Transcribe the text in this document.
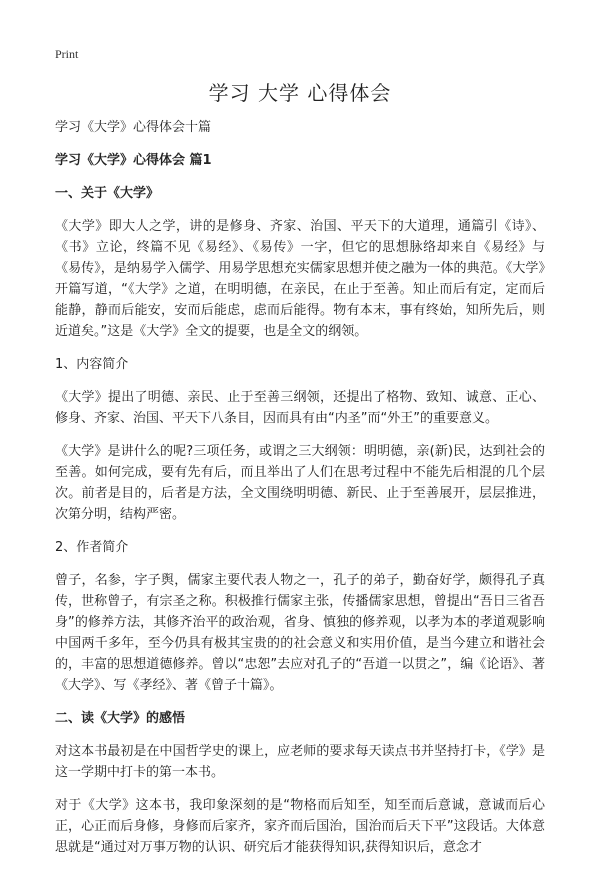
Print
学习 大学 心得体会

学习《大学》心得体会十篇

学习《大学》心得体会 篇1

一、关于《大学》

《大学》即大人之学，讲的是修身、齐家、治国、平天下的大道理，通篇引《诗》、《书》立论，终篇不见《易经》、《易传》一字，但它的思想脉络却来自《易经》与《易传》，是纳易学入儒学、用易学思想充实儒家思想并使之融为一体的典范。《大学》开篇写道，“《大学》之道，在明明德，在亲民，在止于至善。知止而后有定，定而后能静，静而后能安，安而后能虑，虑而后能得。物有本末，事有终始，知所先后，则近道矣。”这是《大学》全文的提要，也是全文的纲领。

1、内容简介

《大学》提出了明德、亲民、止于至善三纲领，还提出了格物、致知、诚意、正心、修身、齐家、治国、平天下八条目，因而具有由“内圣”而“外王”的重要意义。

《大学》是讲什么的呢?三项任务，或谓之三大纲领：明明德，亲(新)民，达到社会的至善。如何完成，要有先有后，而且举出了人们在思考过程中不能先后相混的几个层次。前者是目的，后者是方法，全文围绕明明德、新民、止于至善展开，层层推进，次第分明，结构严密。

2、作者简介

曾子，名参，字子舆，儒家主要代表人物之一，孔子的弟子，勤奋好学，颇得孔子真传，世称曾子，有宗圣之称。积极推行儒家主张，传播儒家思想，曾提出“吾日三省吾身”的修养方法，其修齐治平的政治观，省身、慎独的修养观，以孝为本的孝道观影响中国两千多年，至今仍具有极其宝贵的的社会意义和实用价值，是当今建立和谐社会的，丰富的思想道德修养。曾以“忠恕”去应对孔子的“吾道一以贯之”，编《论语》、著《大学》、写《孝经》、著《曾子十篇》。

二、读《大学》的感悟

对这本书最初是在中国哲学史的课上，应老师的要求每天读点书并坚持打卡，《学》是这一学期中打卡的第一本书。

对于《大学》这本书，我印象深刻的是“物格而后知至，知至而后意诚，意诚而后心正，心正而后身修，身修而后家齐，家齐而后国治，国治而后天下平”这段话。大体意思就是“通过对万事万物的认识、研究后才能获得知识,获得知识后，意念才
